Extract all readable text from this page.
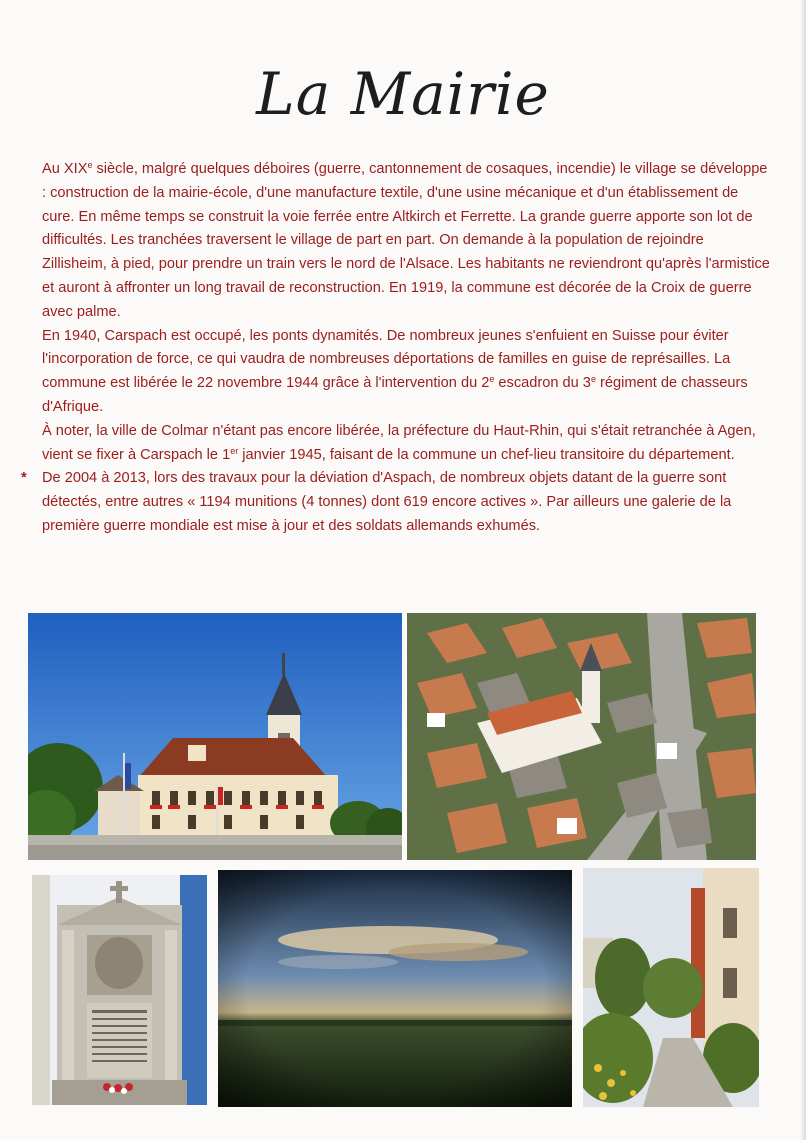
La Mairie

Au XIXe siècle, malgré quelques déboires (guerre, cantonnement de cosaques, incendie) le village se développe : construction de la mairie-école, d'une manufacture textile, d'une usine mécanique et d'un établissement de cure. En même temps se construit la voie ferrée entre Altkirch et Ferrette. La grande guerre apporte son lot de difficultés. Les tranchées traversent le village de part en part. On demande à la population de rejoindre Zillisheim, à pied, pour prendre un train vers le nord de l'Alsace. Les habitants ne reviendront qu'après l'armistice et auront à affronter un long travail de reconstruction. En 1919, la commune est décorée de la Croix de guerre avec palme.

En 1940, Carspach est occupé, les ponts dynamités. De nombreux jeunes s'enfuient en Suisse pour éviter l'incorporation de force, ce qui vaudra de nombreuses déportations de familles en guise de représailles. La commune est libérée le 22 novembre 1944 grâce à l'intervention du 2e escadron du 3e régiment de chasseurs d'Afrique.

À noter, la ville de Colmar n'étant pas encore libérée, la préfecture du Haut-Rhin, qui s'était retranchée à Agen, vient se fixer à Carspach le 1er janvier 1945, faisant de la commune un chef-lieu transitoire du département.

* De 2004 à 2013, lors des travaux pour la déviation d'Aspach, de nombreux objets datant de la guerre sont détectés, entre autres « 1194 munitions (4 tonnes) dont 619 encore actives ». Par ailleurs une galerie de la première guerre mondiale est mise à jour et des soldats allemands exhumés.
